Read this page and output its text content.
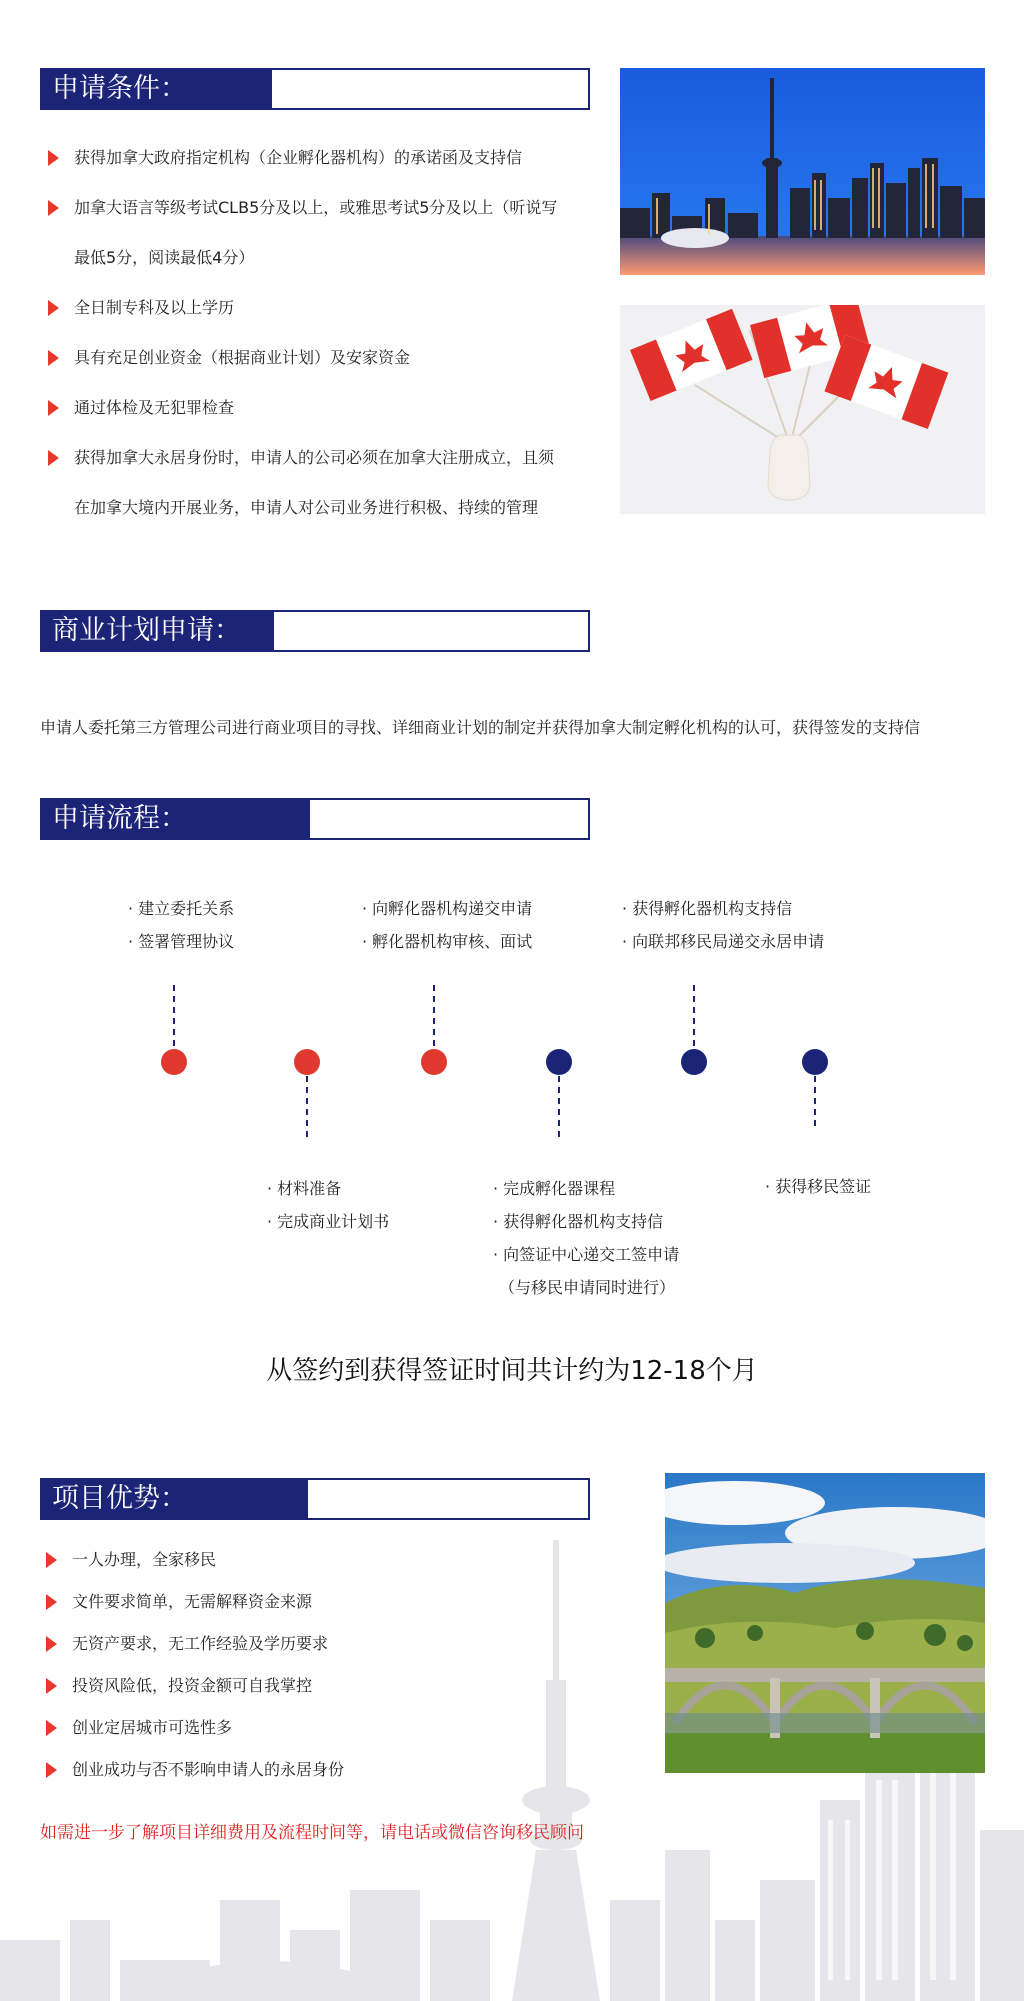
申请条件：
获得加拿大政府指定机构（企业孵化器机构）的承诺函及支持信
加拿大语言等级考试CLB5分及以上，或雅思考试5分及以上（听说写
最低5分，阅读最低4分）
全日制专科及以上学历
具有充足创业资金（根据商业计划）及安家资金
通过体检及无犯罪检查
获得加拿大永居身份时，申请人的公司必须在加拿大注册成立，且须
在加拿大境内开展业务，申请人对公司业务进行积极、持续的管理
商业计划申请：
申请人委托第三方管理公司进行商业项目的寻找、详细商业计划的制定并获得加拿大制定孵化机构的认可，获得签发的支持信
申请流程：
· 建立委托关系
· 签署管理协议
· 向孵化器机构递交申请
· 孵化器机构审核、面试
· 获得孵化器机构支持信
· 向联邦移民局递交永居申请
· 材料准备
· 完成商业计划书
· 完成孵化器课程
· 获得孵化器机构支持信
· 向签证中心递交工签申请
（与移民申请同时进行）
· 获得移民签证
从签约到获得签证时间共计约为12-18个月
项目优势：
一人办理，全家移民
文件要求简单，无需解释资金来源
无资产要求，无工作经验及学历要求
投资风险低，投资金额可自我掌控
创业定居城市可选性多
创业成功与否不影响申请人的永居身份
如需进一步了解项目详细费用及流程时间等，请电话或微信咨询移民顾问
